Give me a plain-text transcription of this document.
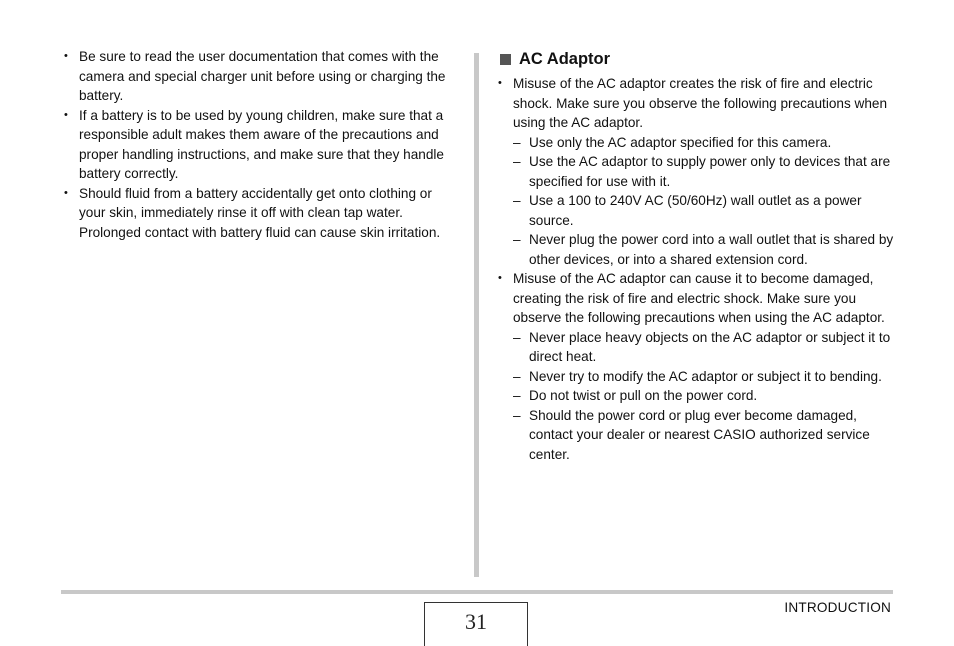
• Be sure to read the user documentation that comes with the camera and special charger unit before using or charging the battery.
• If a battery is to be used by young children, make sure that a responsible adult makes them aware of the precautions and proper handling instructions, and make sure that they handle battery correctly.
• Should fluid from a battery accidentally get onto clothing or your skin, immediately rinse it off with clean tap water. Prolonged contact with battery fluid can cause skin irritation.
AC Adaptor
• Misuse of the AC adaptor creates the risk of fire and electric shock. Make sure you observe the following precautions when using the AC adaptor.
– Use only the AC adaptor specified for this camera.
– Use the AC adaptor to supply power only to devices that are specified for use with it.
– Use a 100 to 240V AC (50/60Hz) wall outlet as a power source.
– Never plug the power cord into a wall outlet that is shared by other devices, or into a shared extension cord.
• Misuse of the AC adaptor can cause it to become damaged, creating the risk of fire and electric shock. Make sure you observe the following precautions when using the AC adaptor.
– Never place heavy objects on the AC adaptor or subject it to direct heat.
– Never try to modify the AC adaptor or subject it to bending.
– Do not twist or pull on the power cord.
– Should the power cord or plug ever become damaged, contact your dealer or nearest CASIO authorized service center.
31
INTRODUCTION
